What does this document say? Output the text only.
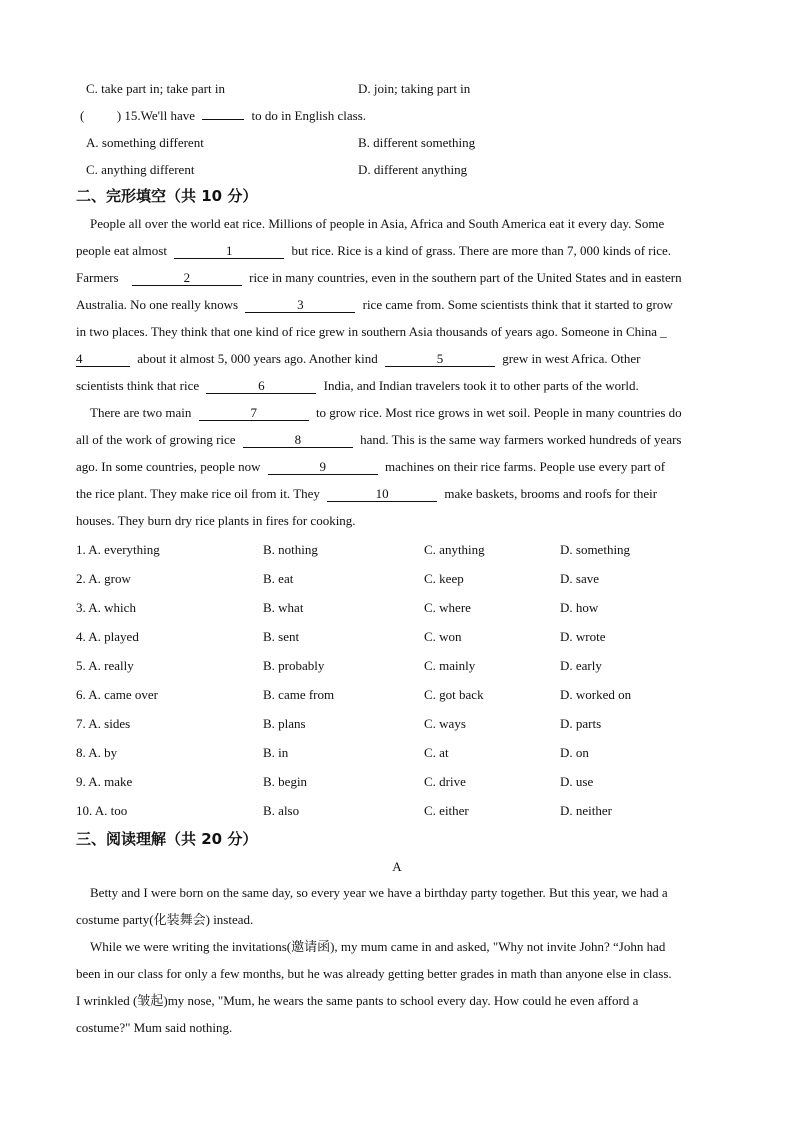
C. take part in; take part in	D. join; taking part in
(          ) 15.We'll have	to do in English class.
A. something different	B. different something
C. anything different	D. different anything
二、完形填空（共 10 分）
People all over the world eat rice. Millions of people in Asia, Africa and South America eat it every day. Some
people eat almost	1	but rice. Rice is a kind of grass. There are more than 7, 000 kinds of rice.
Farmers	2	rice in many countries, even in the southern part of the United States and in eastern
Australia. No one really knows	3	rice came from. Some scientists think that it started to grow
in two places. They think that one kind of rice grew in southern Asia thousands of years ago. Someone in China _
4	about it almost 5, 000 years ago. Another kind	5	grew in west Africa. Other
scientists think that rice	6	India, and Indian travelers took it to other parts of the world.
There are two main	7	to grow rice. Most rice grows in wet soil. People in many countries do
all of the work of growing rice	8	hand. This is the same way farmers worked hundreds of years
ago. In some countries, people now	9	machines on their rice farms. People use every part of
the rice plant. They make rice oil from it. They	10	make baskets, brooms and roofs for their
houses. They burn dry rice plants in fires for cooking.
1. A. everything	B. nothing	C. anything	D. something
2. A. grow	B. eat	C. keep	D. save
3. A. which	B. what	C. where	D. how
4. A. played	B. sent	C. won	D. wrote
5. A. really	B. probably	C. mainly	D. early
6. A. came over	B. came from	C. got back	D. worked on
7. A. sides	B. plans	C. ways	D. parts
8. A. by	B. in	C. at	D. on
9. A. make	B. begin	C. drive	D. use
10. A. too	B. also	C. either	D. neither
三、阅读理解（共 20 分）
A
Betty and I were born on the same day, so every year we have a birthday party together. But this year, we had a
costume party(化装舞会) instead.
While we were writing the invitations(邀请函), my mum came in and asked, "Why not invite John? “John had
been in our class for only a few months, but he was already getting better grades in math than anyone else in class.
I wrinkled (皱起)my nose, "Mum, he wears the same pants to school every day. How could he even afford a
costume?" Mum said nothing.
